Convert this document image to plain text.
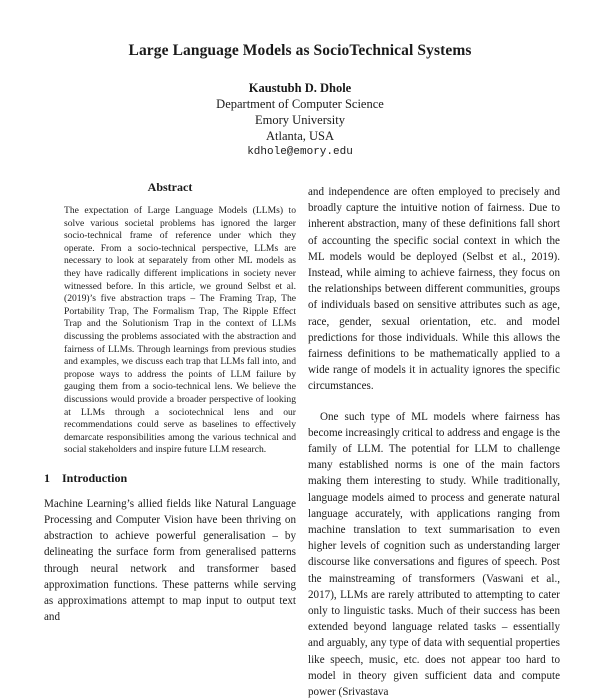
Large Language Models as SocioTechnical Systems
Kaustubh D. Dhole
Department of Computer Science
Emory University
Atlanta, USA
kdhole@emory.edu
Abstract

The expectation of Large Language Models (LLMs) to solve various societal problems has ignored the larger socio-technical frame of reference under which they operate. From a socio-technical perspective, LLMs are necessary to look at separately from other ML models as they have radically different implications in society never witnessed before. In this article, we ground Selbst et al. (2019)’s five abstraction traps – The Framing Trap, The Portability Trap, The Formalism Trap, The Ripple Effect Trap and the Solutionism Trap in the context of LLMs discussing the problems associated with the abstraction and fairness of LLMs. Through learnings from previous studies and examples, we discuss each trap that LLMs fall into, and propose ways to address the points of LLM failure by gauging them from a socio-technical lens. We believe the discussions would provide a broader perspective of looking at LLMs through a sociotechnical lens and our recommendations could serve as baselines to effectively demarcate responsibilities among the various technical and social stakeholders and inspire future LLM research.

1 Introduction

Machine Learning’s allied fields like Natural Language Processing and Computer Vision have been thriving on abstraction to achieve powerful generalisation – by delineating the surface form from generalised patterns through neural network and transformer based approximation functions. These patterns while serving as approximations attempt to map input to output text and

and independence are often employed to precisely and broadly capture the intuitive notion of fairness. Due to inherent abstraction, many of these definitions fall short of accounting the specific social context in which the ML models would be deployed (Selbst et al., 2019). Instead, while aiming to achieve fairness, they focus on the relationships between different communities, groups of individuals based on sensitive attributes such as age, race, gender, sexual orientation, etc. and model predictions for those individuals. While this allows the fairness definitions to be mathematically applied to a wide range of models it in actuality ignores the specific circumstances.

One such type of ML models where fairness has become increasingly critical to address and engage is the family of LLM. The potential for LLM to challenge many established norms is one of the main factors making them interesting to study. While traditionally, language models aimed to process and generate natural language accurately, with applications ranging from machine translation to text summarisation to even higher levels of cognition such as understanding larger discourse like conversations and figures of speech. Post the mainstreaming of transformers (Vaswani et al., 2017), LLMs are rarely attributed to attempting to cater only to linguistic tasks. Much of their success has been extended beyond language related tasks – essentially and arguably, any type of data with sequential properties like speech, music, etc. does not appear too hard to model in theory given sufficient data and compute power (Srivastava
